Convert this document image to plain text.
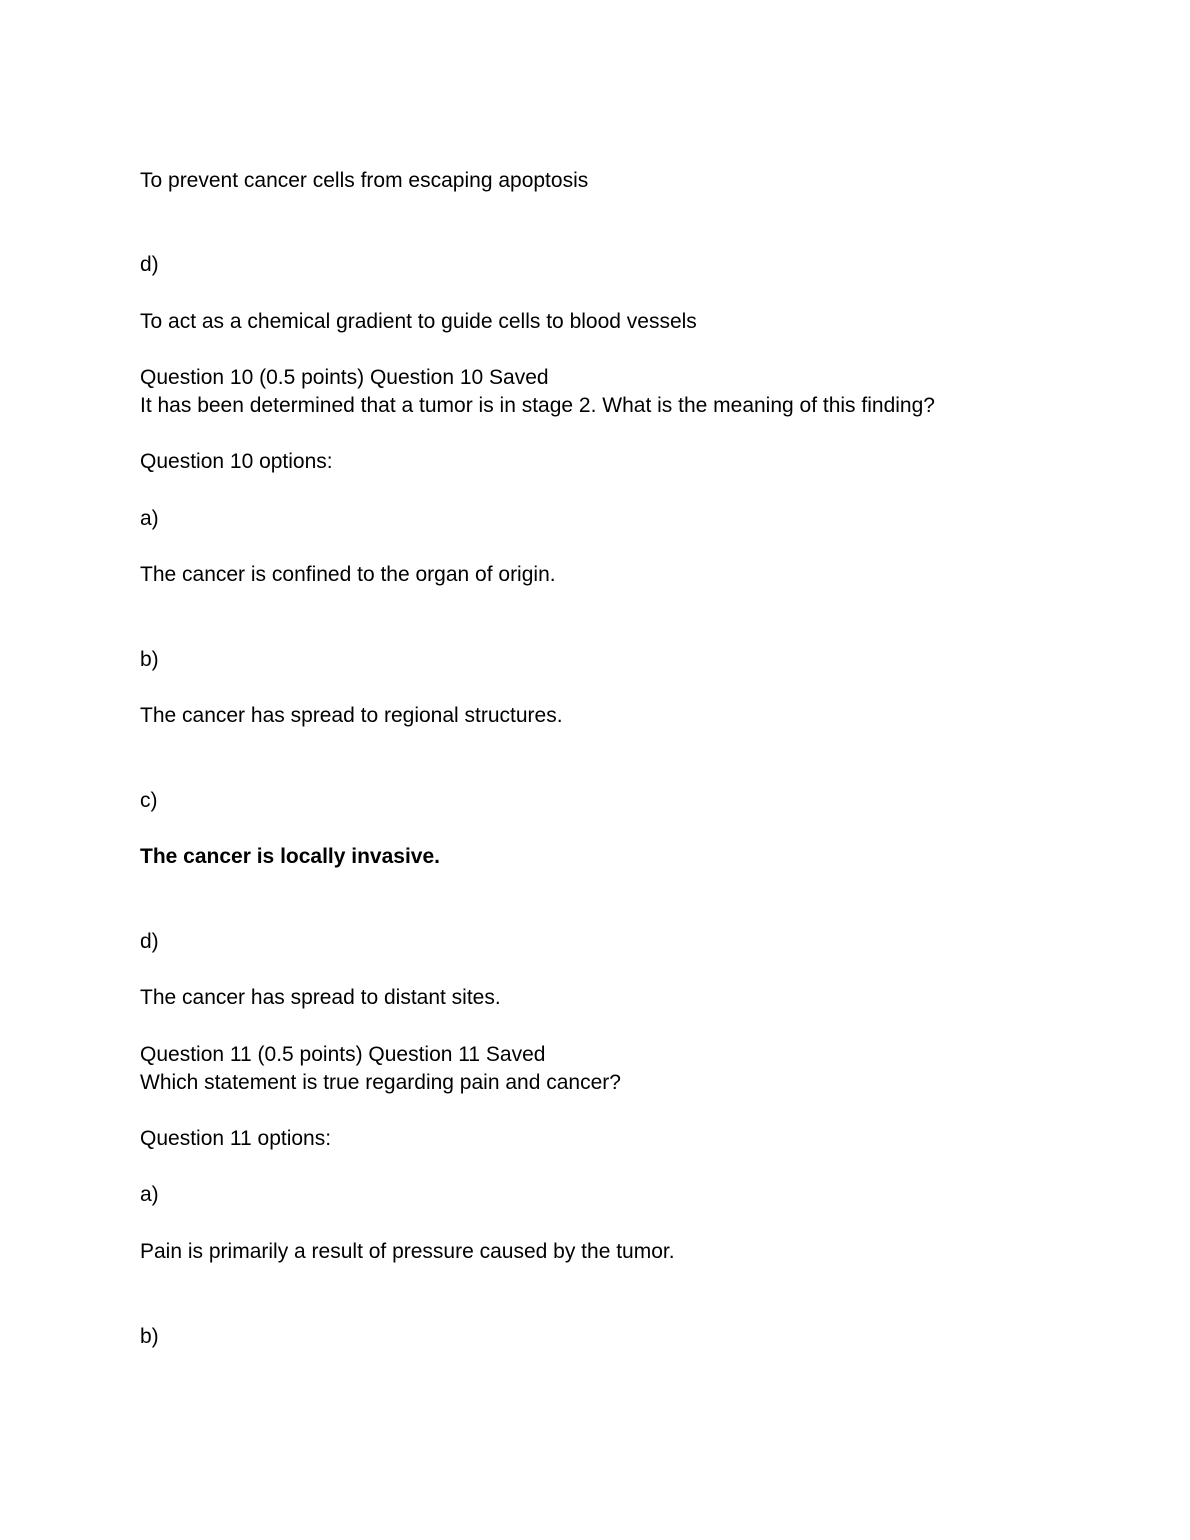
To prevent cancer cells from escaping apoptosis
d)
To act as a chemical gradient to guide cells to blood vessels
Question 10 (0.5 points) Question 10 Saved
It has been determined that a tumor is in stage 2. What is the meaning of this finding?
Question 10 options:
a)
The cancer is confined to the organ of origin.
b)
The cancer has spread to regional structures.
c)
The cancer is locally invasive.
d)
The cancer has spread to distant sites.
Question 11 (0.5 points) Question 11 Saved
Which statement is true regarding pain and cancer?
Question 11 options:
a)
Pain is primarily a result of pressure caused by the tumor.
b)
